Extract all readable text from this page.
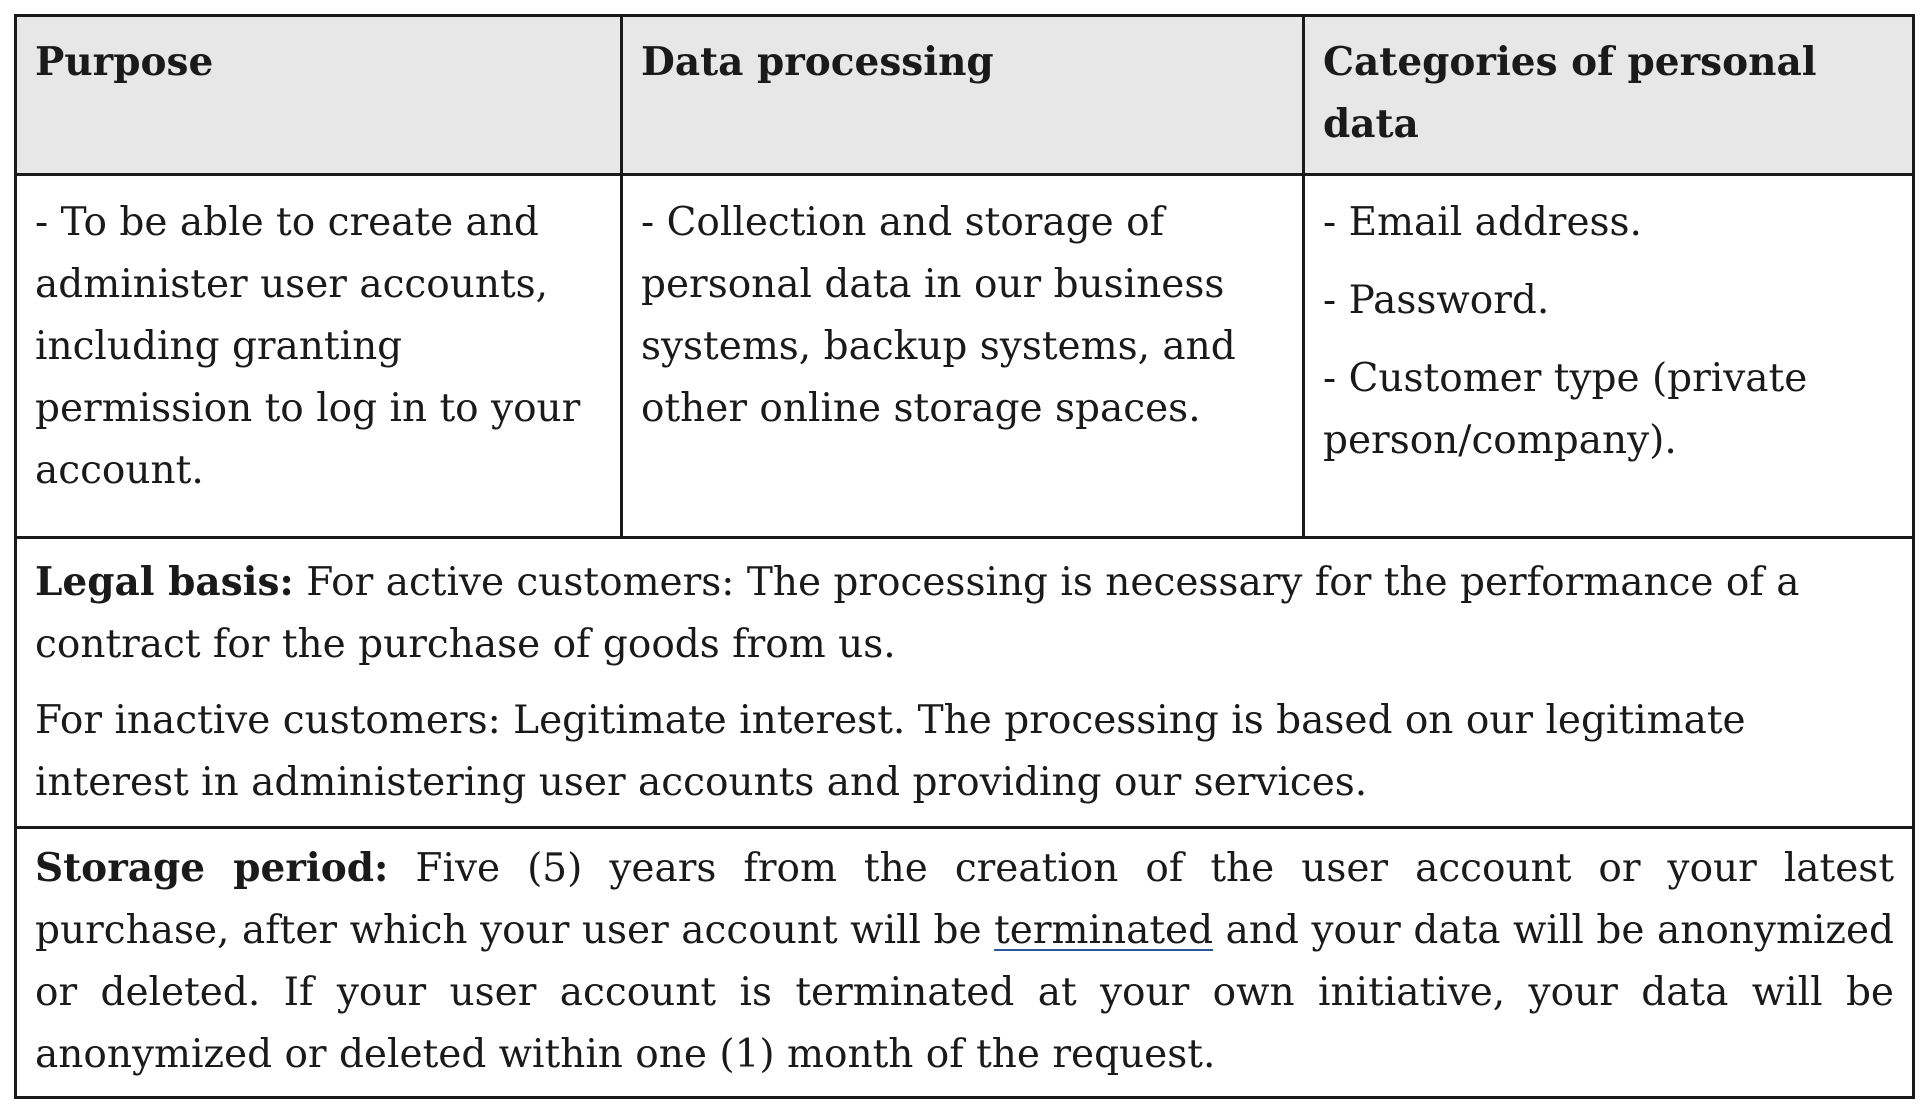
Purpose	Data processing	Categories of personal data

- To be able to create and administer user accounts, including granting permission to log in to your account.	- Collection and storage of personal data in our business systems, backup systems, and other online storage spaces.	- Email address.

- Password.

- Customer type (private person/company).

Legal basis: For active customers: The processing is necessary for the performance of a contract for the purchase of goods from us.

For inactive customers: Legitimate interest. The processing is based on our legitimate interest in administering user accounts and providing our services.		

Storage period: Five (5) years from the creation of the user account or your latest purchase, after which your user account will be terminated and your data will be anonymized or deleted. If your user account is terminated at your own initiative, your data will be anonymized or deleted within one (1) month of the request.		
